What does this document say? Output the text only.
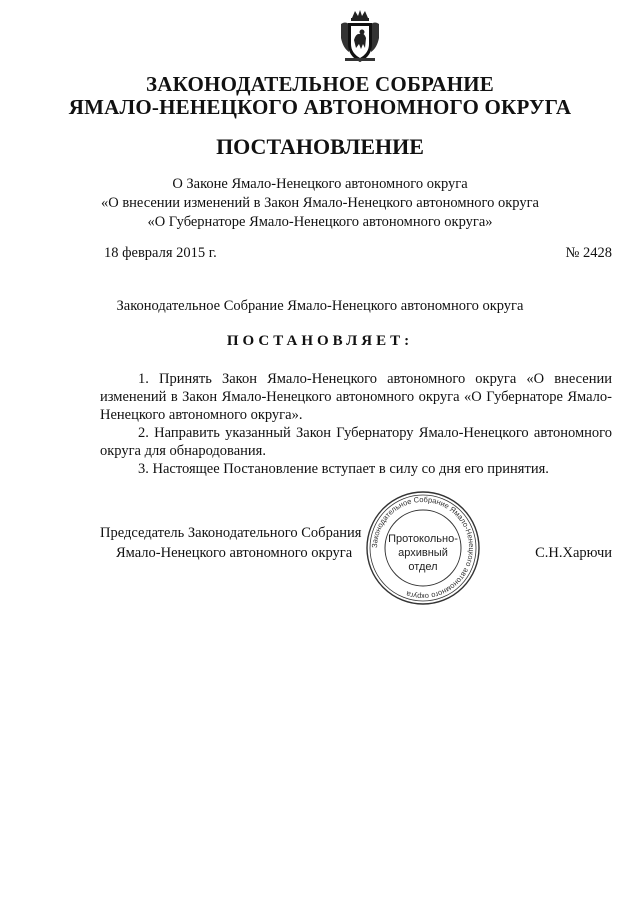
ЗАКОНОДАТЕЛЬНОЕ СОБРАНИЕ
ЯМАЛО-НЕНЕЦКОГО АВТОНОМНОГО ОКРУГА
ПОСТАНОВЛЕНИЕ
О Законе Ямало-Ненецкого автономного округа
«О внесении изменений в Закон Ямало-Ненецкого автономного округа
«О Губернаторе Ямало-Ненецкого автономного округа»
18 февраля 2015 г.	№ 2428
Законодательное Собрание Ямало-Ненецкого автономного округа
ПОСТАНОВЛЯЕТ:

1. Принять Закон Ямало-Ненецкого автономного округа «О внесении изменений в Закон Ямало-Ненецкого автономного округа «О Губернаторе Ямало-Ненецкого автономного округа».

2. Направить указанный Закон Губернатору Ямало-Ненецкого автономного округа для обнародования.

3. Настоящее Постановление вступает в силу со дня его принятия.

Председатель Законодательного Собрания
Ямало-Ненецкого автономного округа	С.Н.Харючи
Законодательное Собрание Ямало-Ненецкого автономного округа
Протокольно-
архивный
отдел
